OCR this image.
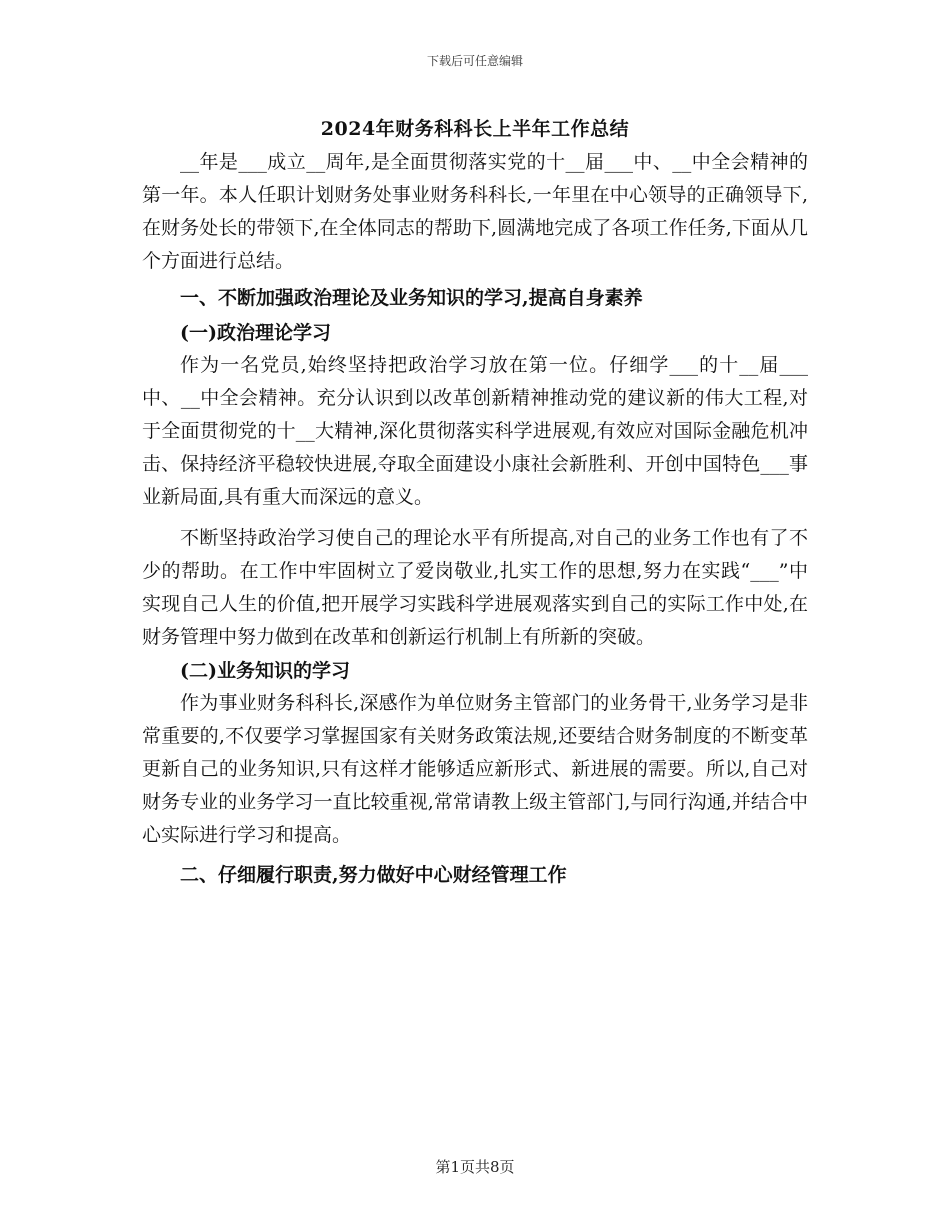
下载后可任意编辑
2024年财务科科长上半年工作总结

__年是___成立__周年,是全面贯彻落实党的十__届___中、__中全会精神的第一年。本人任职计划财务处事业财务科科长,一年里在中心领导的正确领导下,在财务处长的带领下,在全体同志的帮助下,圆满地完成了各项工作任务,下面从几个方面进行总结。

一、不断加强政治理论及业务知识的学习,提高自身素养

(一)政治理论学习

作为一名党员,始终坚持把政治学习放在第一位。仔细学___的十__届___中、__中全会精神。充分认识到以改革创新精神推动党的建议新的伟大工程,对于全面贯彻党的十__大精神,深化贯彻落实科学进展观,有效应对国际金融危机冲击、保持经济平稳较快进展,夺取全面建设小康社会新胜利、开创中国特色___事业新局面,具有重大而深远的意义。

不断坚持政治学习使自己的理论水平有所提高,对自己的业务工作也有了不少的帮助。在工作中牢固树立了爱岗敬业,扎实工作的思想,努力在实践“___”中实现自己人生的价值,把开展学习实践科学进展观落实到自己的实际工作中处,在财务管理中努力做到在改革和创新运行机制上有所新的突破。

(二)业务知识的学习

作为事业财务科科长,深感作为单位财务主管部门的业务骨干,业务学习是非常重要的,不仅要学习掌握国家有关财务政策法规,还要结合财务制度的不断变革更新自己的业务知识,只有这样才能够适应新形式、新进展的需要。所以,自己对财务专业的业务学习一直比较重视,常常请教上级主管部门,与同行沟通,并结合中心实际进行学习和提高。

二、仔细履行职责,努力做好中心财经管理工作

第1页共8页
